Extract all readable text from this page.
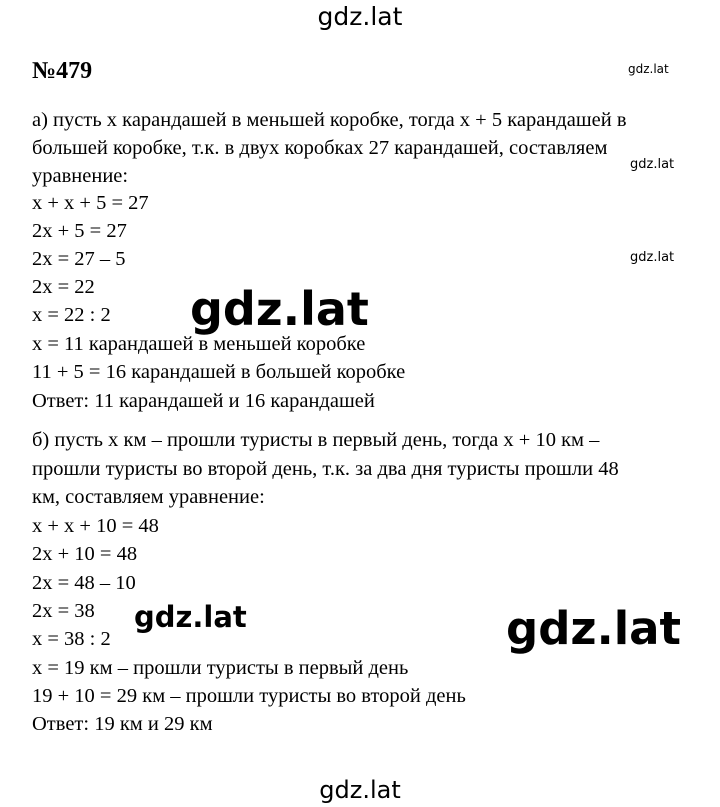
gdz.lat
gdz.lat
gdz.lat
gdz.lat
№479
а) пусть х карандашей в меньшей коробке, тогда х + 5 карандашей в
большей коробке, т.к. в двух коробках 27 карандашей, составляем
уравнение:
х + х + 5 = 27
2х + 5 = 27
2х = 27 – 5
2х = 22
х = 22 : 2
х = 11 карандашей в меньшей коробке
11 + 5 = 16 карандашей в большей коробке
Ответ: 11 карандашей и 16 карандашей
б) пусть х км – прошли туристы в первый день, тогда х + 10 км –
прошли туристы во второй день, т.к. за два дня туристы прошли 48
км, составляем уравнение:
х + х + 10 = 48
2х + 10 = 48
2х = 48 – 10
2х = 38
х = 38 : 2
х = 19 км – прошли туристы в первый день
19 + 10 = 29 км – прошли туристы во второй день
Ответ: 19 км и 29 км
gdz.lat
gdz.lat	gdz.lat
gdz.lat
